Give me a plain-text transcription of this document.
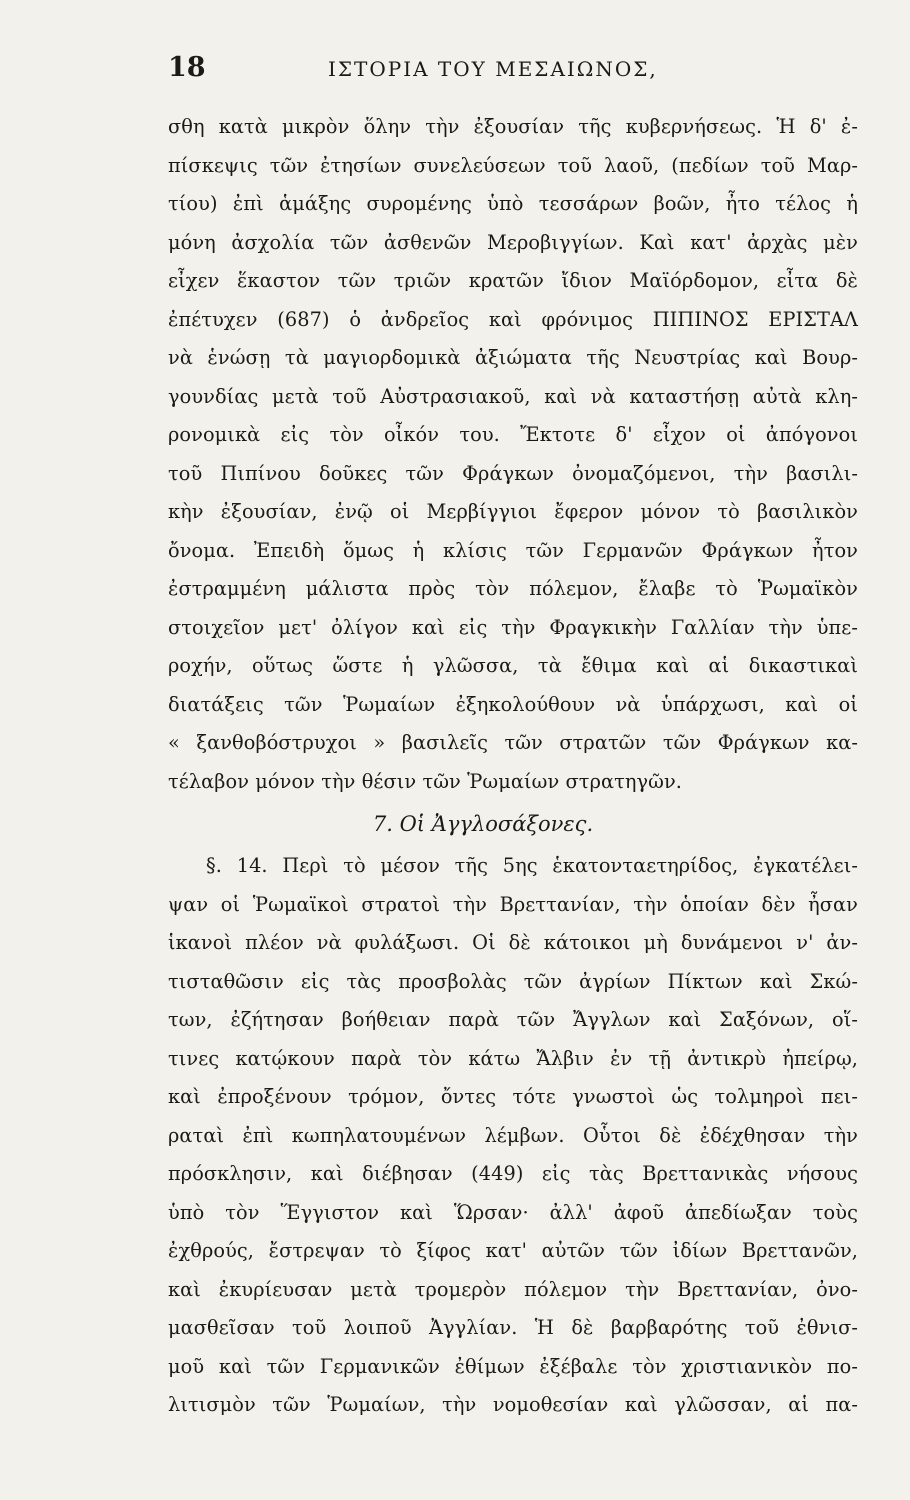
18	ΙΣΤΟΡΙΑ ΤΟΥ ΜΕΣΑΙΩΝΟΣ,
σθη κατὰ μικρὸν ὅλην τὴν ἐξουσίαν τῆς κυβερνήσεως. Ἡ δ' ἐ-
πίσκεψις τῶν ἐτησίων συνελεύσεων τοῦ λαοῦ, (πεδίων τοῦ Μαρ-
τίου) ἐπὶ ἁμάξης συρομένης ὑπὸ τεσσάρων βοῶν, ἦτο τέλος ἡ
μόνη ἀσχολία τῶν ἀσθενῶν Μεροβιγγίων. Καὶ κατ' ἀρχὰς μὲν
εἶχεν ἕκαστον τῶν τριῶν κρατῶν ἴδιον Μαϊόρδομον, εἶτα δὲ
ἐπέτυχεν (687) ὁ ἀνδρεῖος καὶ φρόνιμος ΠΙΠΙΝΟΣ ΕΡΙΣΤΑΛ
νὰ ἑνώσῃ τὰ μαγιορδομικὰ ἀξιώματα τῆς Νευστρίας καὶ Βουρ-
γουνδίας μετὰ τοῦ Αὐστρασιακοῦ, καὶ νὰ καταστήσῃ αὐτὰ κλη-
ρονομικὰ εἰς τὸν οἶκόν του. Ἔκτοτε δ' εἶχον οἱ ἀπόγονοι
τοῦ Πιπίνου δοῦκες τῶν Φράγκων ὀνομαζόμενοι, τὴν βασιλι-
κὴν ἐξουσίαν, ἐνῷ οἱ Μερβίγγιοι ἔφερον μόνον τὸ βασιλικὸν
ὄνομα. Ἐπειδὴ ὅμως ἡ κλίσις τῶν Γερμανῶν Φράγκων ἦτον
ἐστραμμένη μάλιστα πρὸς τὸν πόλεμον, ἔλαβε τὸ Ῥωμαϊκὸν
στοιχεῖον μετ' ὀλίγον καὶ εἰς τὴν Φραγκικὴν Γαλλίαν τὴν ὑπε-
ροχήν, οὕτως ὥστε ἡ γλῶσσα, τὰ ἔθιμα καὶ αἱ δικαστικαὶ
διατάξεις τῶν Ῥωμαίων ἐξηκολούθουν νὰ ὑπάρχωσι, καὶ οἱ
« ξανθοβόστρυχοι » βασιλεῖς τῶν στρατῶν τῶν Φράγκων κα-
τέλαβον μόνον τὴν θέσιν τῶν Ῥωμαίων στρατηγῶν.
7. Οἱ Ἀγγλοσάξονες.
§. 14. Περὶ τὸ μέσον τῆς 5ης ἑκατονταετηρίδος, ἐγκατέλει-
ψαν οἱ Ῥωμαϊκοὶ στρατοὶ τὴν Βρεττανίαν, τὴν ὁποίαν δὲν ἦσαν
ἱκανοὶ πλέον νὰ φυλάξωσι. Οἱ δὲ κάτοικοι μὴ δυνάμενοι ν' ἀν-
τισταθῶσιν εἰς τὰς προσβολὰς τῶν ἀγρίων Πίκτων καὶ Σκώ-
των, ἐζήτησαν βοήθειαν παρὰ τῶν Ἄγγλων καὶ Σαξόνων, οἵ-
τινες κατῴκουν παρὰ τὸν κάτω Ἄλβιν ἐν τῇ ἀντικρὺ ἠπείρῳ,
καὶ ἐπροξένουν τρόμον, ὄντες τότε γνωστοὶ ὡς τολμηροὶ πει-
ραταὶ ἐπὶ κωπηλατουμένων λέμβων. Οὗτοι δὲ ἐδέχθησαν τὴν
πρόσκλησιν, καὶ διέβησαν (449) εἰς τὰς Βρεττανικὰς νήσους
ὑπὸ τὸν Ἕγγιστον καὶ Ὥρσαν· ἀλλ' ἀφοῦ ἀπεδίωξαν τοὺς
ἐχθρούς, ἔστρεψαν τὸ ξίφος κατ' αὐτῶν τῶν ἰδίων Βρεττανῶν,
καὶ ἐκυρίευσαν μετὰ τρομερὸν πόλεμον τὴν Βρεττανίαν, ὀνο-
μασθεῖσαν τοῦ λοιποῦ Ἀγγλίαν. Ἡ δὲ βαρβαρότης τοῦ ἐθνισ-
μοῦ καὶ τῶν Γερμανικῶν ἐθίμων ἐξέβαλε τὸν χριστιανικὸν πο-
λιτισμὸν τῶν Ῥωμαίων, τὴν νομοθεσίαν καὶ γλῶσσαν, αἱ πα-
